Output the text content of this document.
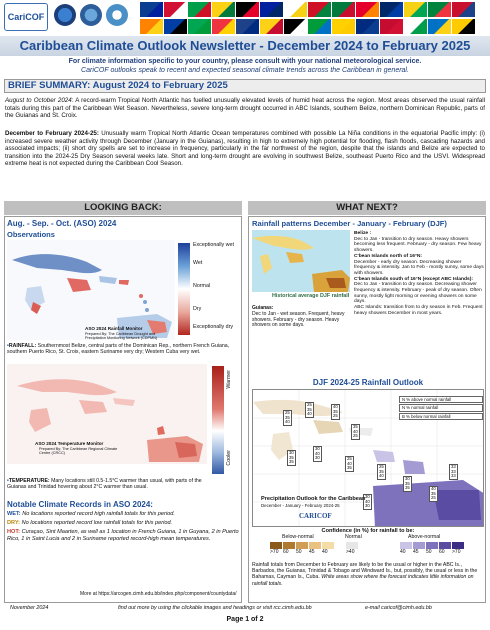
CariCOF
Caribbean Climate Outlook Newsletter - December 2024 to February 2025
For climate information specific to your country, please consult with your national meteorological service.
CariCOF outlooks speak to recent and expected seasonal climate trends across the Caribbean in general.
BRIEF SUMMARY: August 2024 to February 2025
August to October 2024: A record-warm Tropical North Atlantic has fuelled unusually elevated levels of humid heat across the region. Most areas observed the usual rainfall totals during this part of the Caribbean Wet Season. Nevertheless, severe long-term drought occurred in ABC Islands, southern Belize, northern Dominican Republic, parts of the Guianas and St. Croix.
December to February 2024-25: Unusually warm Tropical North Atlantic Ocean temperatures combined with possible La Niña conditions in the equatorial Pacific imply: (i) increased severe weather activity through December (January in the Guianas), resulting in high to extremely high potential for flooding, flash floods, cascading hazards and associated impacts; (ii) short dry spells are set to increase in frequency, particularly in the far northwest of the region, despite that the islands and Belize are expected to transition into the 2024-25 Dry Season several weeks late. Short and long-term drought are evolving in southwest Belize, southeast Puerto Rico and the USVI. Widespread extreme heat is not expected during the Caribbean Cool Season.
LOOKING BACK:
Aug. - Sep. - Oct. (ASO) 2024
Observations
ASO 2024 Rainfall Monitor
Prepared By: The Caribbean Drought and Precipitation Monitoring Network (CDPMN)
Exceptionally wet
Wet
Normal
Dry
Exceptionally dry
•RAINFALL: Southernmost Belize, central parts of the Dominican Rep., northern French Guiana, southern Puerto Rico, St. Croix, eastern Suriname very dry; Western Cuba very wet.
ASO 2024 Temperature Monitor
Prepared By: The Caribbean Regional Climate Centre (CRCC)
Warmer
Cooler
•TEMPERATURE: Many locations still 0.5-1.5°C warmer than usual, with parts of the Guianas and Trinidad hovering about 2°C warmer than usual.
Notable Climate Records in ASO 2024:
WET: No locations reported record high rainfall totals for this period.
DRY: No locations reported record low rainfall totals for this period.
HOT: Curaçao, Sint Maarten, as well as 1 location in French Guiana, 1 in Guyana, 2 in Puerto Rico, 1 in Saint Lucia and 2 in Suriname reported record-high mean temperatures.
More at https://arcogen.cimh.edu.bb/index.php/component/countydata/
WHAT NEXT?
Rainfall patterns December - January - February (DJF)
Historical average DJF rainfall
Guianas:
Dec to Jan - wet season. Frequent, heavy showers. February - dry season. Heavy showers on some days.
Belize :
Dec to Jan - transition to dry season. Heavy showers becoming less frequent. February - dry season. Few heavy showers.
C'bean Islands north of 16°N:
December - early dry season. Decreasing shower frequency & intensity. Jan to Feb - mostly sunny, some days with showers.
C'bean Islands south of 16°N (except ABC Islands):
Dec to Jan - transition to dry season. Decreasing shower frequency & intensity. February - peak of dry season. Often sunny, mostly light morning or evening showers on some days.
ABC Islands: transition from to dry season in Feb. Frequent heavy showers December in most years.
DJF 2024-25 Rainfall Outlook
25
35
40
25
35
40
40
35
25
35
40
25
30
40
30
30
35
35
25
40
35	25
35
40
30
35
35	40
35
25
33
33
33
30
40
30
N % above normal rainfall
N % normal rainfall
B % below normal rainfall
Precipitation Outlook for the Caribbean
December - January - February 2024-25
CARICOF
Confidence (in %) for rainfall to be:
Below-normal	Normal	Above-normal
>70 60 50 45 40	>40	40 45 50 60 >70
Rainfall totals from December to February are likely to be the usual or higher in the ABC Is., Barbados, the Guianas, Trinidad & Tobago and Windward Is., but, possibly, the usual or less in the Bahamas, Cayman Is., Cuba. White areas show where the forecast indicates little information on rainfall totals.
November 2024	find out more by using the clickable images and headings or visit rcc.cimh.edu.bb	e-mail caricof@cimh.edu.bb
Page 1 of 2
